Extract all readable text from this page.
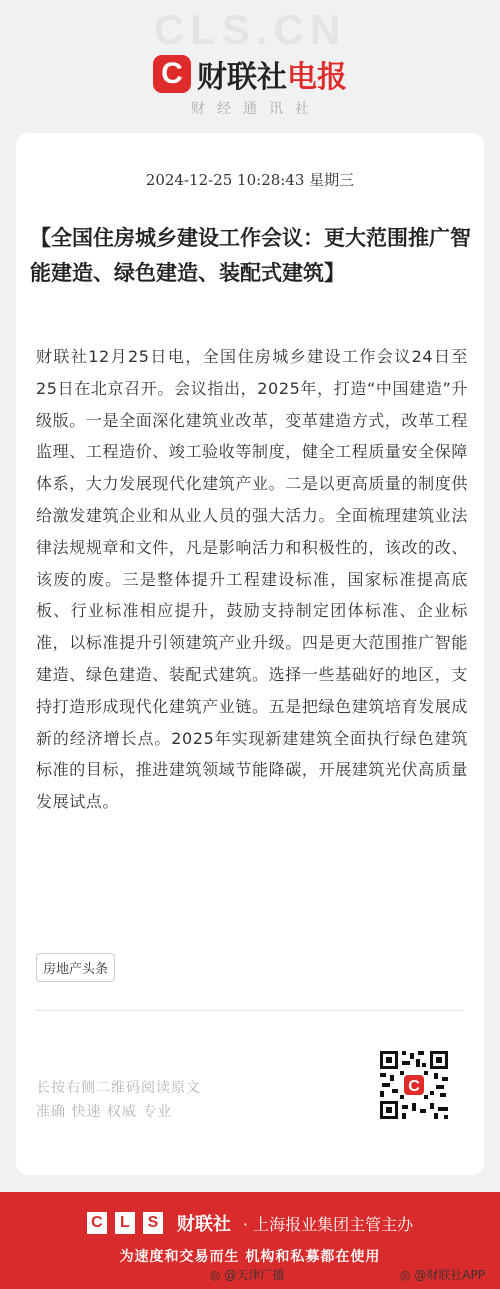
CLS.CN
C 财联社电报
财经通讯社
2024-12-25 10:28:43 星期三
【全国住房城乡建设工作会议：更大范围推广智能建造、绿色建造、装配式建筑】
财联社12月25日电，全国住房城乡建设工作会议24日至25日在北京召开。会议指出，2025年，打造“中国建造”升级版。一是全面深化建筑业改革，变革建造方式，改革工程监理、工程造价、竣工验收等制度，健全工程质量安全保障体系，大力发展现代化建筑产业。二是以更高质量的制度供给激发建筑企业和从业人员的强大活力。全面梳理建筑业法律法规规章和文件，凡是影响活力和积极性的，该改的改、该废的废。三是整体提升工程建设标准，国家标准提高底板、行业标准相应提升，鼓励支持制定团体标准、企业标准，以标准提升引领建筑产业升级。四是更大范围推广智能建造、绿色建造、装配式建筑。选择一些基础好的地区，支持打造形成现代化建筑产业链。五是把绿色建筑培育发展成新的经济增长点。2025年实现新建建筑全面执行绿色建筑标准的目标，推进建筑领域节能降碳，开展建筑光伏高质量发展试点。
房地产头条
长按右侧二维码阅读原文
准确 快速 权威 专业
C
C	L	S 财联社 · 上海报业集团主管主办
为速度和交易而生 机构和私募都在使用
◎ @天津广播	◎ @财联社APP
